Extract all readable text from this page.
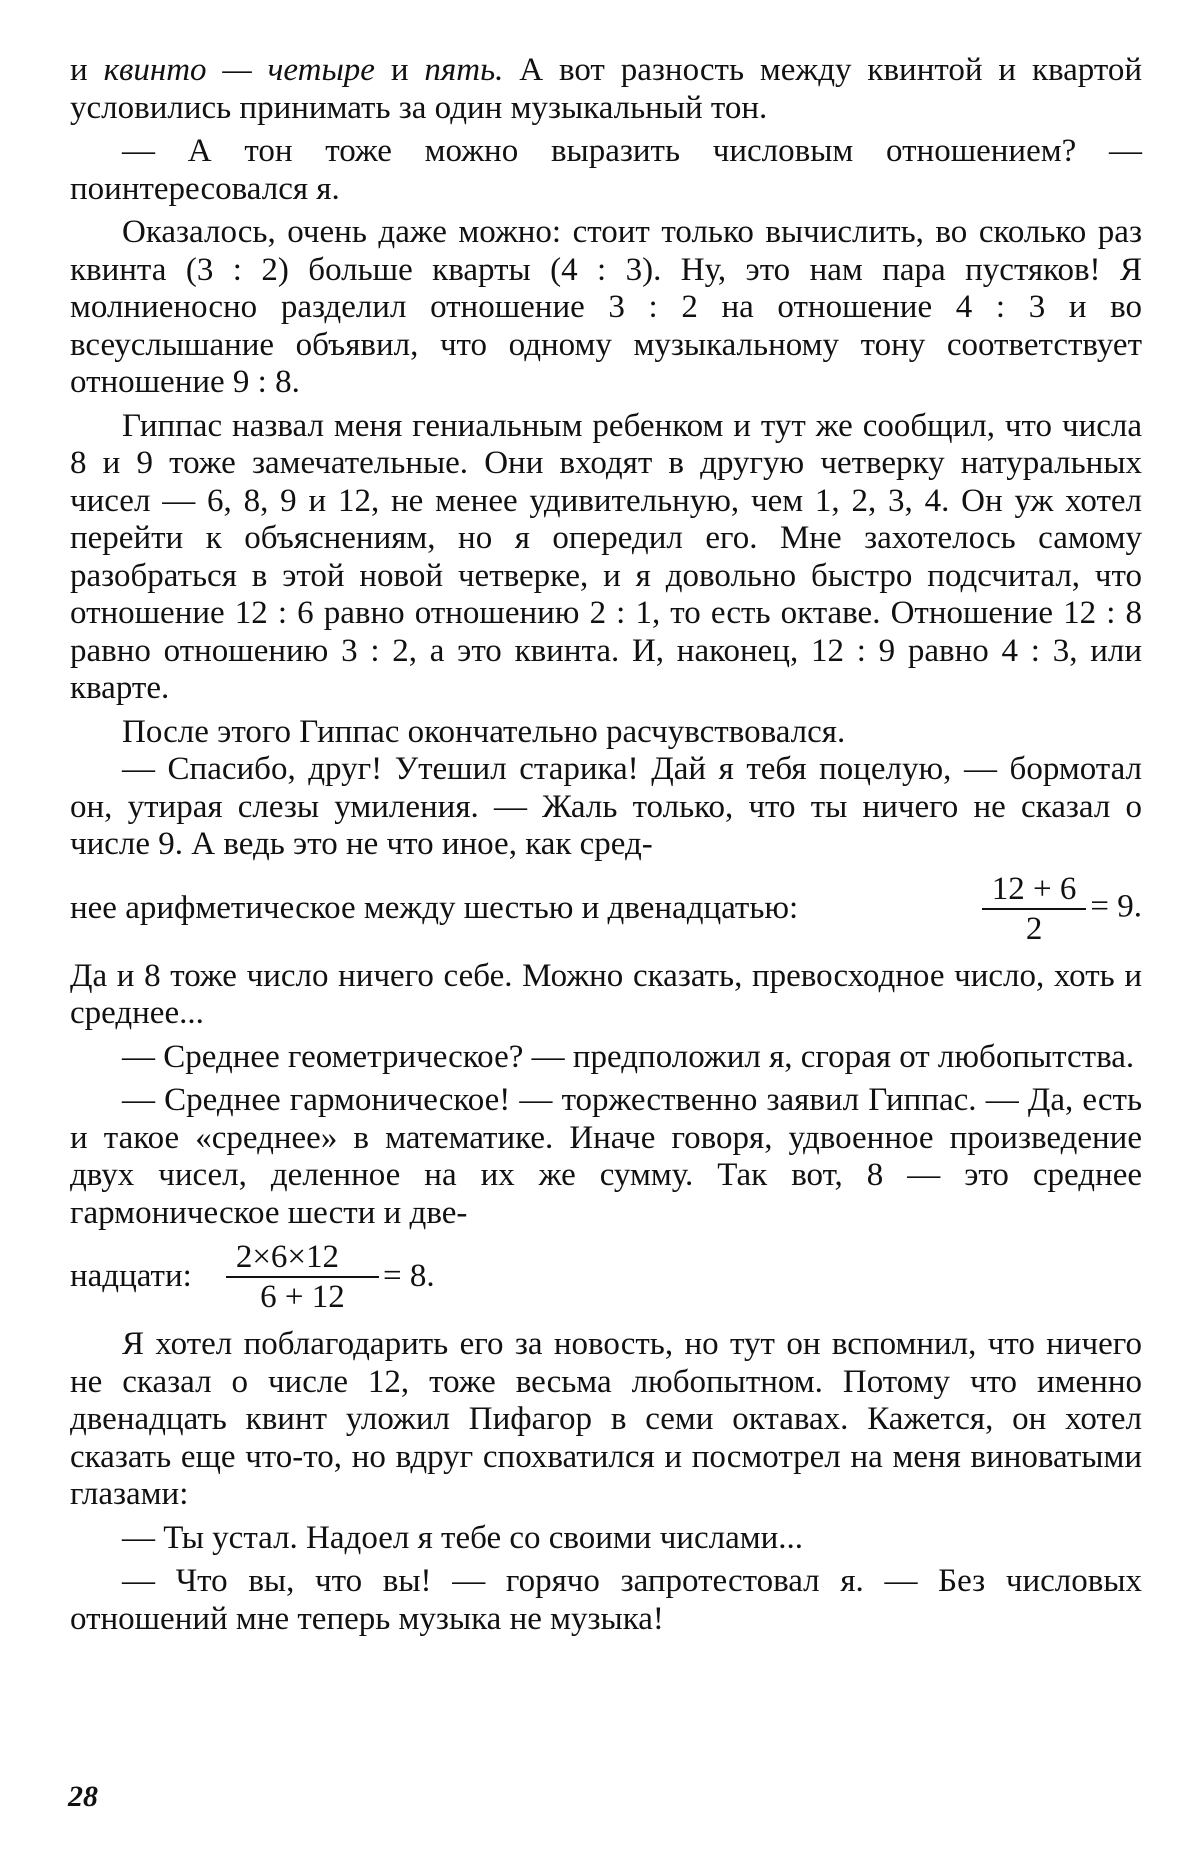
и квинто — четыре и пять. А вот разность между квинтой и квартой условились принимать за один музыкальный тон.

— А тон тоже можно выразить числовым отношением? — поинтересовался я.

Оказалось, очень даже можно: стоит только вычислить, во сколько раз квинта (3 : 2) больше кварты (4 : 3). Ну, это нам пара пустяков! Я молниеносно разделил отношение 3 : 2 на отношение 4 : 3 и во всеуслышание объявил, что одному музыкальному тону соответствует отношение 9 : 8.

Гиппас назвал меня гениальным ребенком и тут же сообщил, что числа 8 и 9 тоже замечательные. Они входят в другую четверку натуральных чисел — 6, 8, 9 и 12, не менее удивительную, чем 1, 2, 3, 4. Он уж хотел перейти к объяснениям, но я опередил его. Мне захотелось самому разобраться в этой новой четверке, и я довольно быстро подсчитал, что отношение 12 : 6 равно отношению 2 : 1, то есть октаве. Отношение 12 : 8 равно отношению 3 : 2, а это квинта. И, наконец, 12 : 9 равно 4 : 3, или кварте.

После этого Гиппас окончательно расчувствовался.

— Спасибо, друг! Утешил старика! Дай я тебя поцелую, — бормотал он, утирая слезы умиления. — Жаль только, что ты ничего не сказал о числе 9. А ведь это не что иное, как сред-

нее арифметическое между шестью и двенадцатью:	$\frac{12 + 6}{2} = 9$.

Да и 8 тоже число ничего себе. Можно сказать, превосходное число, хоть и среднее...

— Среднее геометрическое? — предположил я, сгорая от любопытства.

— Среднее гармоническое! — торжественно заявил Гиппас. — Да, есть и такое «среднее» в математике. Иначе говоря, удвоенное произведение двух чисел, деленное на их же сумму. Так вот, 8 — это среднее гармоническое шести и две-

надцати: $\frac{2\times 6\times 12}{6 + 12} = 8$.

Я хотел поблагодарить его за новость, но тут он вспомнил, что ничего не сказал о числе 12, тоже весьма любопытном. Потому что именно двенадцать квинт уложил Пифагор в семи октавах. Кажется, он хотел сказать еще что-то, но вдруг спохватился и посмотрел на меня виноватыми глазами:

— Ты устал. Надоел я тебе со своими числами...

— Что вы, что вы! — горячо запротестовал я. — Без числовых отношений мне теперь музыка не музыка!

28
